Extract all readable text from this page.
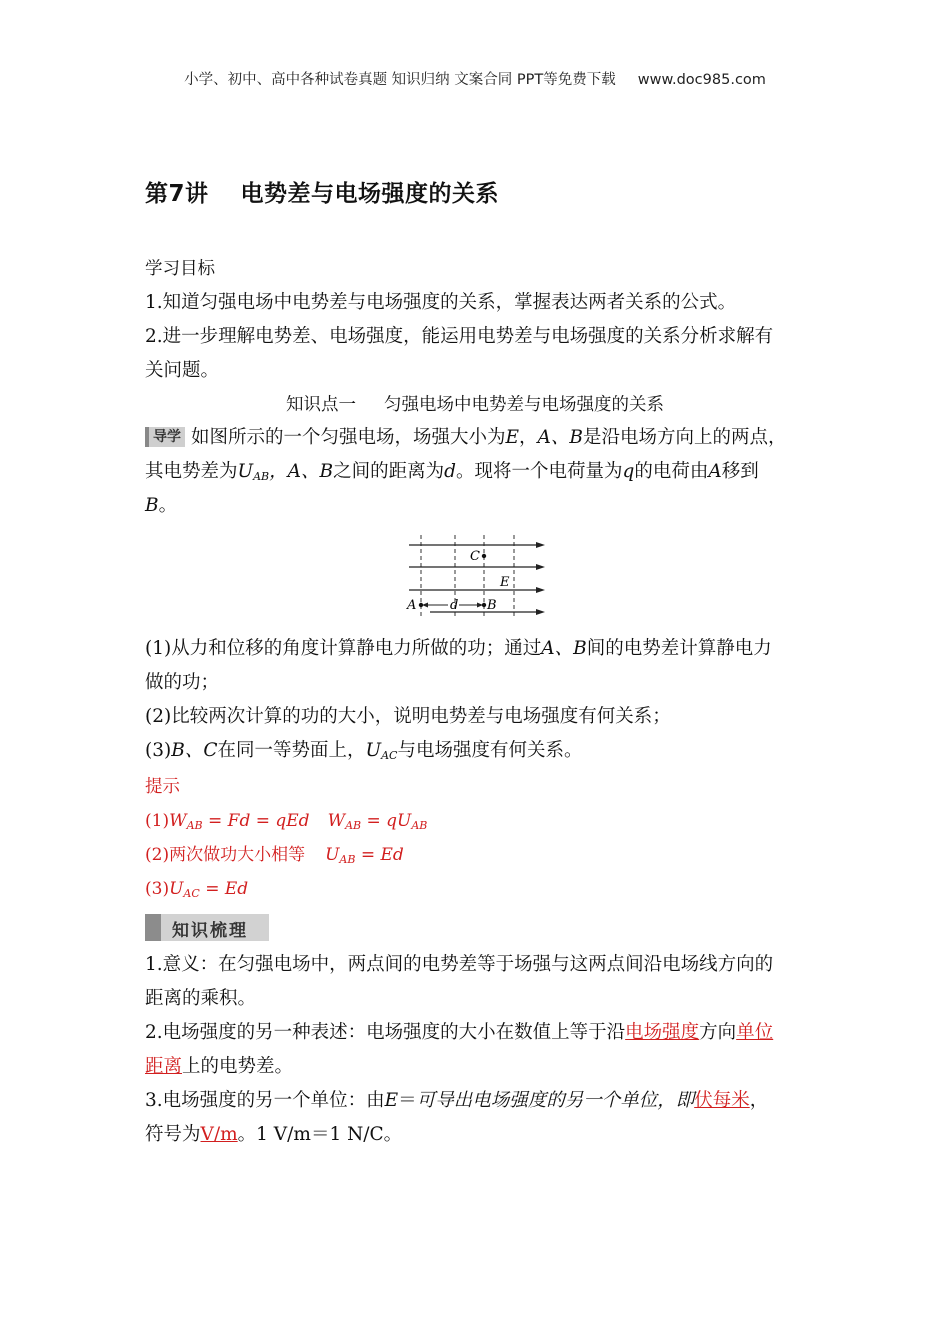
小学、初中、高中各种试卷真题 知识归纳 文案合同 PPT等免费下载 www.doc985.com
第7讲 电势差与电场强度的关系
学习目标
1.知道匀强电场中电势差与电场强度的关系，掌握表达两者关系的公式。
2.进一步理解电势差、电场强度，能运用电势差与电场强度的关系分析求解有
关问题。
知识点一 匀强电场中电势差与电场强度的关系
导学 如图所示的一个匀强电场，场强大小为E，A、B是沿电场方向上的两点，
其电势差为$U_{AB}$，A、B之间的距离为d。现将一个电荷量为q的电荷由A移到
B。
C
E
A	d B
(1)从力和位移的角度计算静电力所做的功；通过A、B间的电势差计算静电力
做的功；
(2)比较两次计算的功的大小，说明电势差与电场强度有何关系；
(3)B、C在同一等势面上，$U_{AC}$与电场强度有何关系。
提示
$(1)W_{AB} = Fd$ = qEd $W_{AB} = qU_{AB}$
(2)两次做功大小相等 $U_{AB} = Ed$
$(3)U_{AC} = Ed$
知识梳理
1.意义：在匀强电场中，两点间的电势差等于场强与这两点间沿电场线方向的
距离的乘积。
2.电场强度的另一种表述：电场强度的大小在数值上等于沿电场强度方向单位
距离上的电势差。
3.电场强度的另一个单位：由E＝可导出电场强度的另一个单位，即伏每米，
符号为V/m。1 V/m＝1 N/C。
